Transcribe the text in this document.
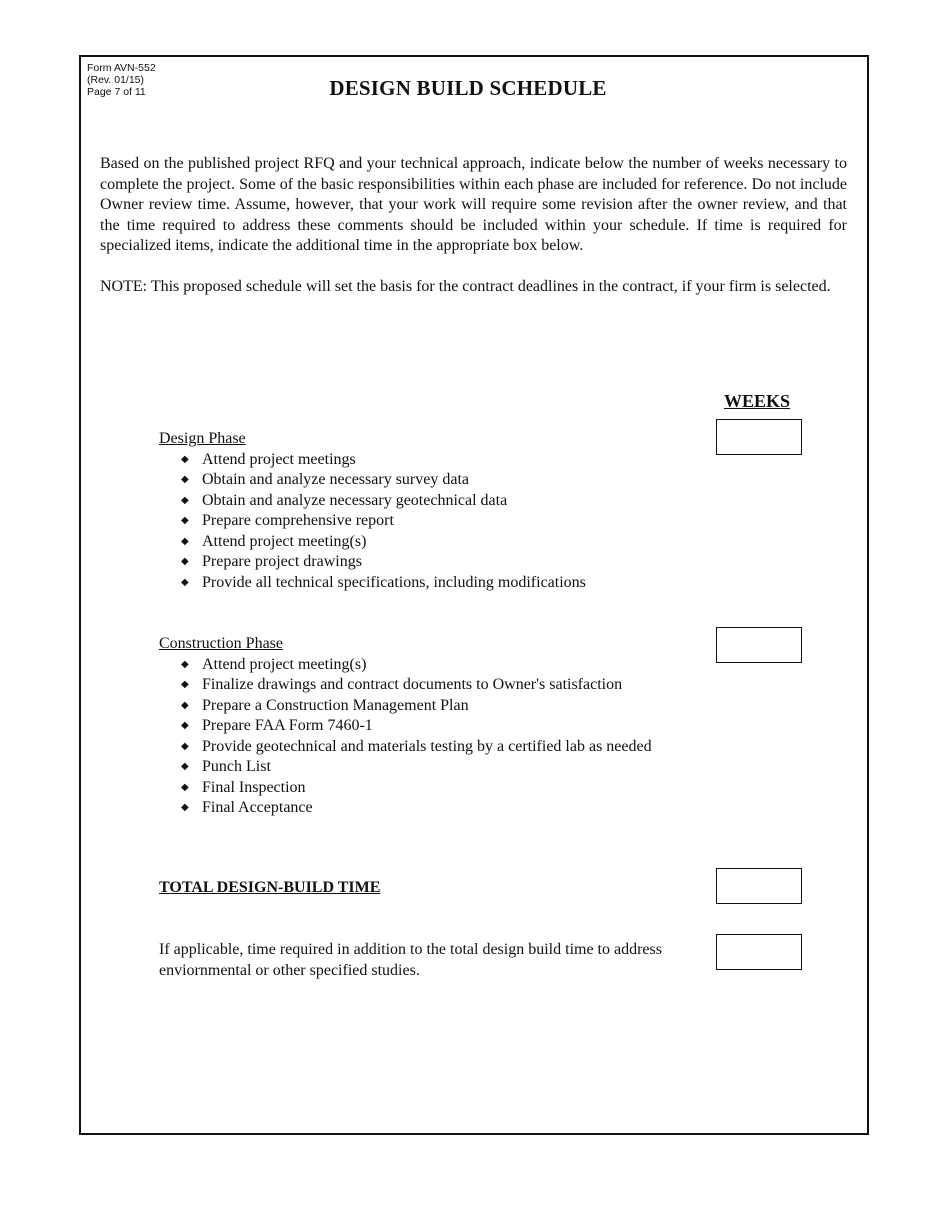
Form AVN-552
(Rev. 01/15)
Page 7 of 11	DESIGN BUILD SCHEDULE

Based on the published project RFQ and your technical approach, indicate below the number of weeks necessary to complete the project. Some of the basic responsibilities within each phase are included for reference. Do not include Owner review time. Assume, however, that your work will require some revision after the owner review, and that the time required to address these comments should be included within your schedule. If time is required for specialized items, indicate the additional time in the appropriate box below.

NOTE: This proposed schedule will set the basis for the contract deadlines in the contract, if your firm is selected.

WEEKS
Design Phase
◆ Attend project meetings
◆ Obtain and analyze necessary survey data
◆ Obtain and analyze necessary geotechnical data
◆ Prepare comprehensive report
◆ Attend project meeting(s)
◆ Prepare project drawings
◆ Provide all technical specifications, including modifications
Construction Phase
◆ Attend project meeting(s)
◆ Finalize drawings and contract documents to Owner's satisfaction
◆ Prepare a Construction Management Plan
◆ Prepare FAA Form 7460-1
◆ Provide geotechnical and materials testing by a certified lab as needed
◆ Punch List
◆ Final Inspection
◆ Final Acceptance
TOTAL DESIGN-BUILD TIME

If applicable, time required in addition to the total design build time to address enviornmental or other specified studies.
